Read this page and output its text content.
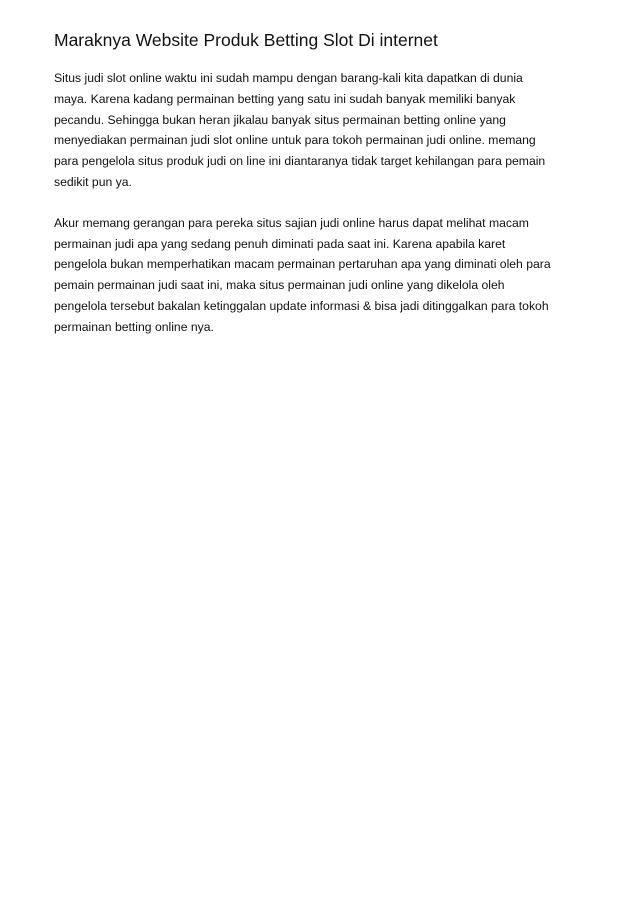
Maraknya Website Produk Betting Slot Di internet

Situs judi slot online waktu ini sudah mampu dengan barang-kali kita dapatkan di dunia
maya. Karena kadang permainan betting yang satu ini sudah banyak memiliki banyak
pecandu. Sehingga bukan heran jikalau banyak situs permainan betting online yang
menyediakan permainan judi slot online untuk para tokoh permainan judi online. memang
para pengelola situs produk judi on line ini diantaranya tidak target kehilangan para pemain
sedikit pun ya.

Akur memang gerangan para pereka situs sajian judi online harus dapat melihat macam
permainan judi apa yang sedang penuh diminati pada saat ini. Karena apabila karet
pengelola bukan memperhatikan macam permainan pertaruhan apa yang diminati oleh para
pemain permainan judi saat ini, maka situs permainan judi online yang dikelola oleh
pengelola tersebut bakalan ketinggalan update informasi & bisa jadi ditinggalkan para tokoh
permainan betting online nya.
